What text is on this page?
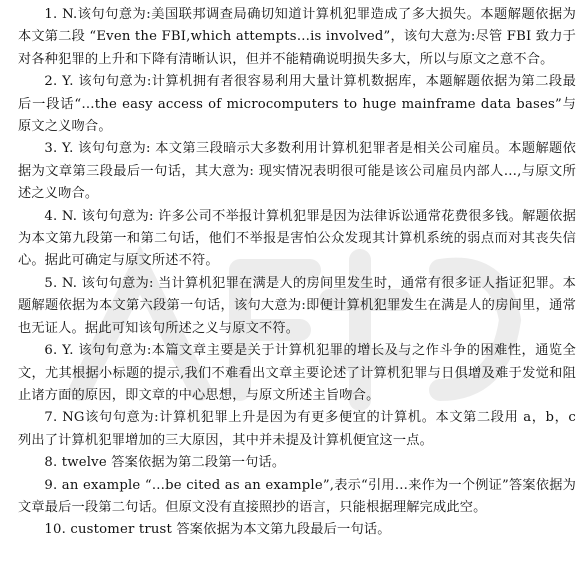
1. N.该句句意为:美国联邦调查局确切知道计算机犯罪造成了多大损失。本题解题依据为本文第二段 “Even the FBI,which attempts…is involved”，该句大意为:尽管 FBI 致力于对各种犯罪的上升和下降有清晰认识，但并不能精确说明损失多大，所以与原文之意不合。

2. Y. 该句句意为:计算机拥有者很容易利用大量计算机数据库，本题解题依据为第二段最后一段话“…the easy access of microcomputers to huge mainframe data bases”与原文之义吻合。

3. Y. 该句句意为: 本文第三段暗示大多数利用计算机犯罪者是相关公司雇员。本题解题依据为文章第三段最后一句话，其大意为: 现实情况表明很可能是该公司雇员内部人…,与原文所述之义吻合。

4. N. 该句句意为: 许多公司不举报计算机犯罪是因为法律诉讼通常花费很多钱。解题依据为本文第九段第一和第二句话，他们不举报是害怕公众发现其计算机系统的弱点而对其丧失信心。据此可确定与原文所述不符。

5. N. 该句句意为: 当计算机犯罪在满是人的房间里发生时，通常有很多证人指证犯罪。本题解题依据为本文第六段第一句话，该句大意为:即便计算机犯罪发生在满是人的房间里，通常也无证人。据此可知该句所述之义与原文不符。

6. Y. 该句句意为:本篇文章主要是关于计算机犯罪的增长及与之作斗争的困难性，通览全文，尤其根据小标题的提示,我们不难看出文章主要论述了计算机犯罪与日俱增及难于发觉和阻止诸方面的原因，即文章的中心思想，与原文所述主旨吻合。

7. NG该句句意为:计算机犯罪上升是因为有更多便宜的计算机。本文第二段用 a，b，c 列出了计算机犯罪增加的三大原因，其中并未提及计算机便宜这一点。

8. twelve 答案依据为第二段第一句话。

9. an example “…be cited as an example”,表示“引用…来作为一个例证”答案依据为文章最后一段第二句话。但原文没有直接照抄的语言，只能根据理解完成此空。

10. customer trust 答案依据为本文第九段最后一句话。
